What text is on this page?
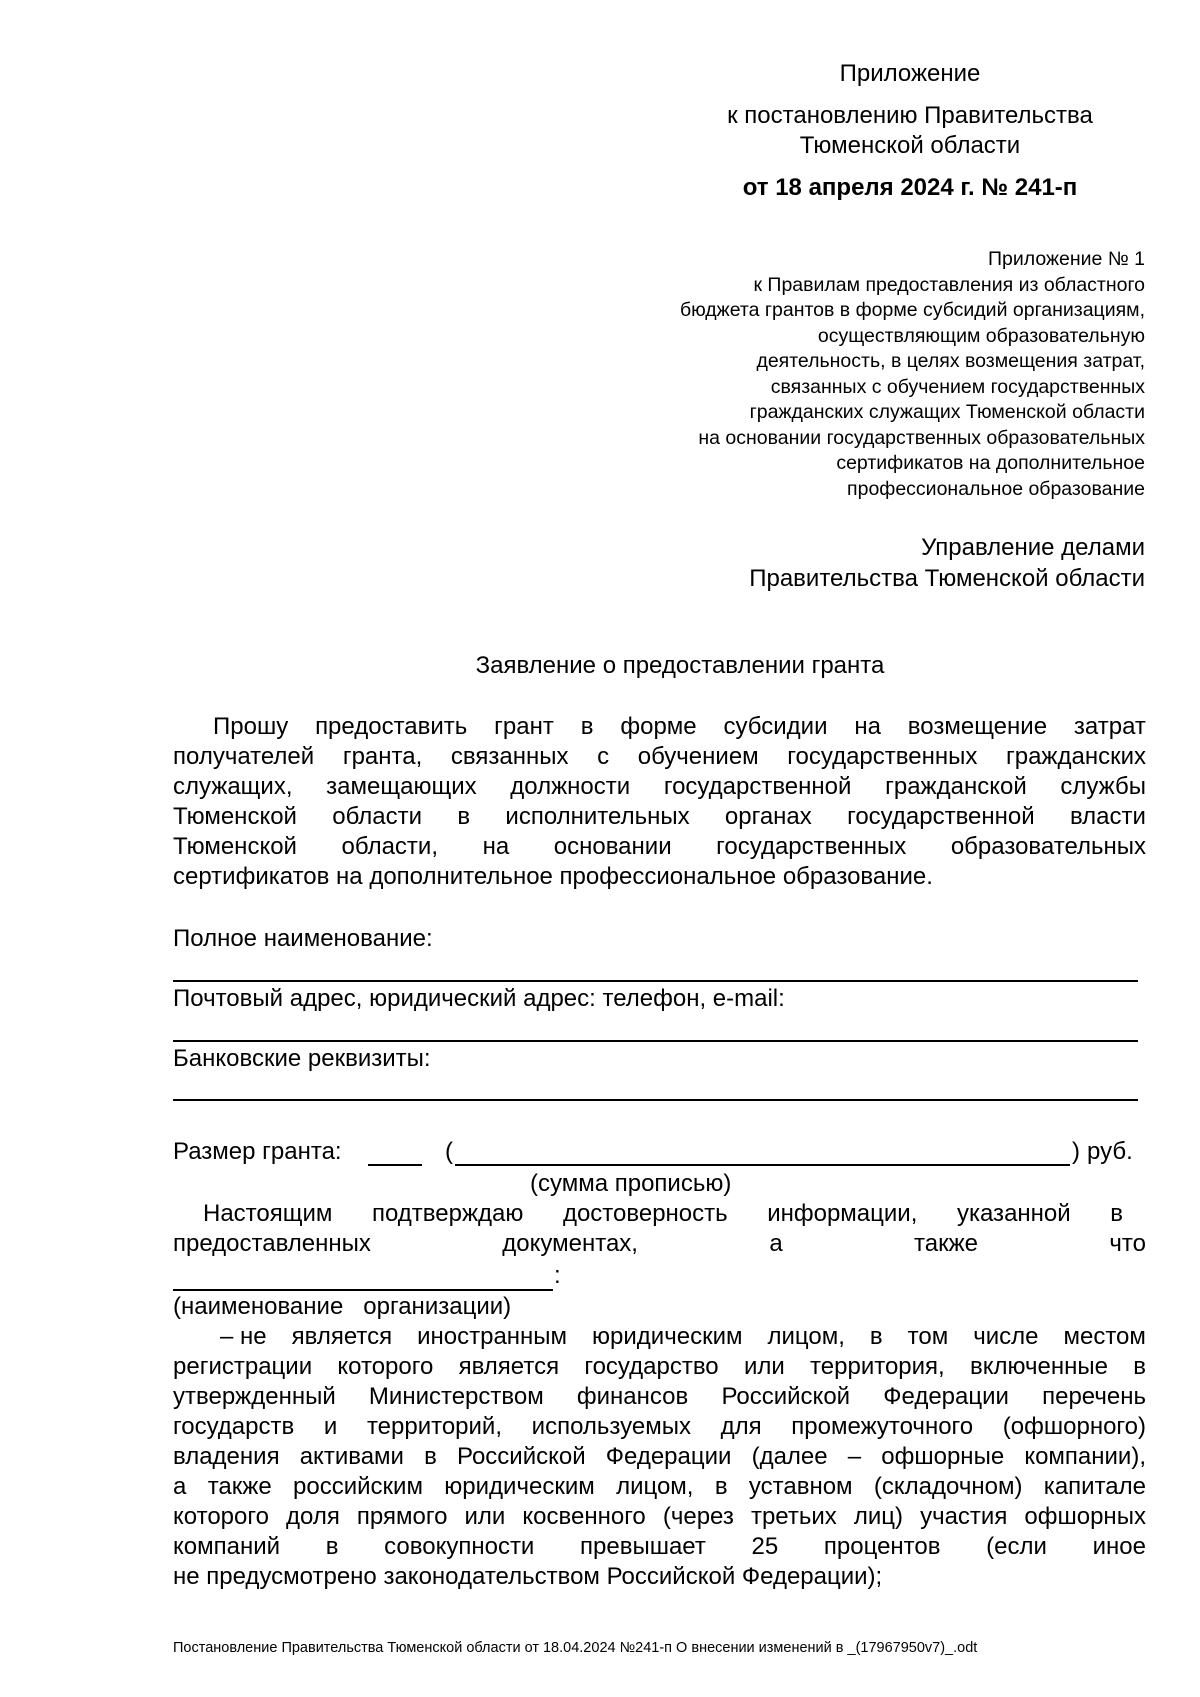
Приложение
к постановлению Правительства
Тюменской области
от 18 апреля 2024 г. № 241-п
Приложение № 1
к Правилам предоставления из областного
бюджета грантов в форме субсидий организациям,
осуществляющим образовательную
деятельность, в целях возмещения затрат,
связанных с обучением государственных
гражданских служащих Тюменской области
на основании государственных образовательных
сертификатов на дополнительное
профессиональное образование
Управление делами
Правительства Тюменской области
Заявление о предоставлении гранта
Прошу предоставить грант в форме субсидии на возмещение затрат
получателей гранта, связанных с обучением государственных гражданских
служащих, замещающих должности государственной гражданской службы
Тюменской области в исполнительных органах государственной власти
Тюменской области, на основании государственных образовательных
сертификатов на дополнительное профессиональное образование.
Полное наименование:
Почтовый адрес, юридический адрес: телефон, e-mail:
Банковские реквизиты:
Размер гранта:	(	) руб.
(сумма прописью)
Настоящим подтверждаю достоверность информации, указанной в
предоставленных	документах,	а	также	что
:
(наименование   организации)
– не является иностранным юридическим лицом, в том числе местом
регистрации которого является государство или территория, включенные в
утвержденный Министерством финансов Российской Федерации перечень
государств и территорий, используемых для промежуточного (офшорного)
владения активами в Российской Федерации (далее – офшорные компании),
а также российским юридическим лицом, в уставном (складочном) капитале
которого доля прямого или косвенного (через третьих лиц) участия офшорных
компаний в совокупности превышает 25 процентов (если иное
не предусмотрено законодательством Российской Федерации);
Постановление Правительства Тюменской области от 18.04.2024 №241-п О внесении изменений в _(17967950v7)_.odt
